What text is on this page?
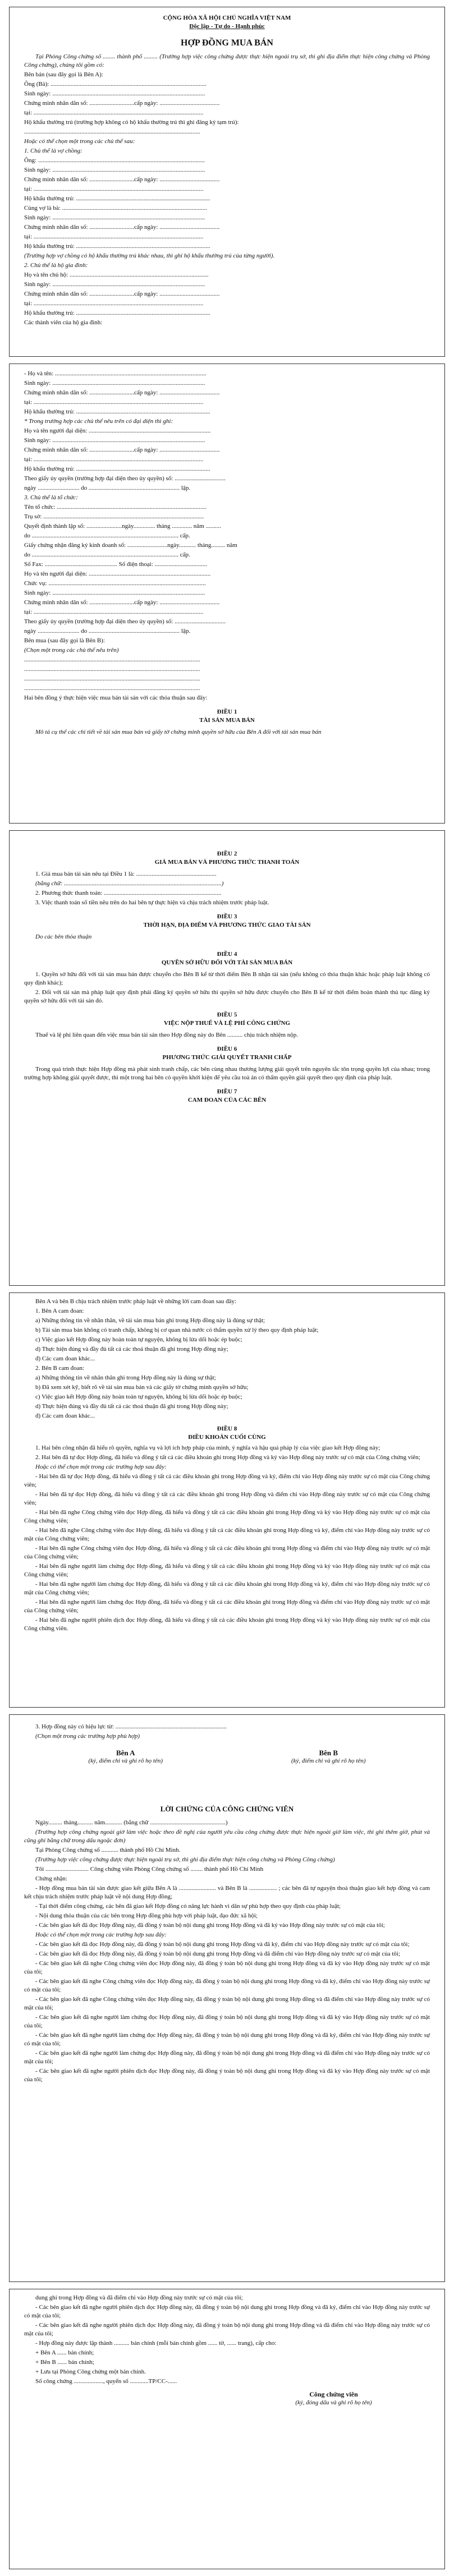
CỘNG HÒA XÃ HỘI CHỦ NGHĨA VIỆT NAM
Độc lập - Tự do - Hạnh phúc
HỢP ĐỒNG MUA BÁN
Tại Phòng Công chứng số ........ thành phố ......... (Trường hợp việc công chứng được thực hiện ngoài trụ sở, thì ghi địa điểm thực hiện công chứng và Phòng Công chứng), chúng tôi gồm có:
Bên bán (sau đây gọi là Bên A):
Ông (Bà): .....................................................................................................
Sinh ngày: ...................................................................................................
Chứng minh nhân dân số: .............................cấp ngày: .......................................
tại: ..............................................................................................................
Hộ khẩu thường trú (trường hợp không có hộ khẩu thường trú thì ghi đăng ký tạm trú):
..................................................................................................................
Hoặc có thể chọn một trong các chủ thể sau:
1. Chủ thể là vợ chồng:
Ông: ............................................................................................................
Sinh ngày: ...................................................................................................
Chứng minh nhân dân số: .............................cấp ngày: .......................................
tại: ..............................................................................................................
Hộ khẩu thường trú: .......................................................................................
Cùng vợ là bà: ..............................................................................................
Sinh ngày: ...................................................................................................
Chứng minh nhân dân số: .............................cấp ngày: .......................................
tại: ..............................................................................................................
Hộ khẩu thường trú: .......................................................................................
(Trường hợp vợ chồng có hộ khẩu thường trú khác nhau, thì ghi hộ khẩu thường trú của từng người).
2. Chủ thể là hộ gia đình:
Họ và tên chủ hộ: ..........................................................................................
Sinh ngày: ...................................................................................................
Chứng minh nhân dân số: .............................cấp ngày: .......................................
tại: ..............................................................................................................
Hộ khẩu thường trú: .......................................................................................
Các thành viên của hộ gia đình:
- Họ và tên: ..................................................................................................
Sinh ngày: ...................................................................................................
Chứng minh nhân dân số: .............................cấp ngày: .......................................
tại: ..............................................................................................................
Hộ khẩu thường trú: .......................................................................................
* Trong trường hợp các chủ thể nêu trên có đại diện thì ghi:
Họ và tên người đại diện: ...............................................................................
Sinh ngày: ...................................................................................................
Chứng minh nhân dân số: .............................cấp ngày: .......................................
tại: ..............................................................................................................
Hộ khẩu thường trú: .......................................................................................
Theo giấy ủy quyền (trường hợp đại diện theo ủy quyền) số: .................................
ngày ........................... do ........................................................... lập.
3. Chủ thể là tổ chức:
Tên tổ chức: .................................................................................................
Trụ sở: ........................................................................................................
Quyết định thành lập số: .......................ngày.............. tháng ............. năm ..........
do ............................................................................................... cấp.
Giấy chứng nhận đăng ký kinh doanh số: ..........................ngày........... tháng......... năm
do ............................................................................................... cấp.
Số Fax: ............................................... Số điện thoại: ..................................
Họ và tên người đại diện: ...............................................................................
Chức vụ: ......................................................................................................
Sinh ngày: ...................................................................................................
Chứng minh nhân dân số: .............................cấp ngày: .......................................
tại: ..............................................................................................................
Theo giấy ủy quyền (trường hợp đại diện theo ủy quyền) số: .................................
ngày ........................... do ........................................................... lập.
Bên mua (sau đây gọi là Bên B):
(Chọn một trong các chủ thể nêu trên)
..................................................................................................................
..................................................................................................................
..................................................................................................................
..................................................................................................................
Hai bên đồng ý thực hiện việc mua bán tài sản với các thỏa thuận sau đây:
ĐIỀU 1
TÀI SẢN MUA BÁN
Mô tả cụ thể các chi tiết về tài sản mua bán và giấy tờ chứng minh quyền sở hữu của Bên A đối với tài sản mua bán
ĐIỀU 2
GIÁ MUA BÁN VÀ PHƯƠNG THỨC THANH TOÁN
1. Giá mua bán tài sản nêu tại Điều 1 là: ....................................................
(bằng chữ: ......................................................................................................)
2. Phương thức thanh toán: ............................................................................
3. Việc thanh toán số tiền nêu trên do hai bên tự thực hiện và chịu trách nhiệm trước pháp luật.
ĐIỀU 3
THỜI HẠN, ĐỊA ĐIỂM VÀ PHƯƠNG THỨC GIAO TÀI SẢN
Do các bên thỏa thuận
ĐIỀU 4
QUYỀN SỞ HỮU ĐỐI VỚI TÀI SẢN MUA BÁN
1. Quyền sở hữu đối với tài sản mua bán được chuyển cho Bên B kể từ thời điểm Bên B nhận tài sản (nếu không có thỏa thuận khác hoặc pháp luật không có quy định khác);
2. Đối với tài sản mà pháp luật quy định phải đăng ký quyền sở hữu thì quyền sở hữu được chuyển cho Bên B kể từ thời điểm hoàn thành thủ tục đăng ký quyền sở hữu đối với tài sản đó.
ĐIỀU 5
VIỆC NỘP THUẾ VÀ LỆ PHÍ CÔNG CHỨNG
Thuế và lệ phí liên quan đến việc mua bán tài sản theo Hợp đồng này do Bên .......... chịu trách nhiệm nộp.
ĐIỀU 6
PHƯƠNG THỨC GIẢI QUYẾT TRANH CHẤP
Trong quá trình thực hiện Hợp đồng mà phát sinh tranh chấp, các bên cùng nhau thương lượng giải quyết trên nguyên tắc tôn trọng quyền lợi của nhau; trong trường hợp không giải quyết được, thì một trong hai bên có quyền khởi kiện để yêu cầu toà án có thẩm quyền giải quyết theo quy định của pháp luật.
ĐIỀU 7
CAM ĐOAN CỦA CÁC BÊN
Bên A và bên B chịu trách nhiệm trước pháp luật về những lời cam đoan sau đây:
1. Bên A cam đoan:
a) Những thông tin về nhân thân, về tài sản mua bán ghi trong Hợp đồng này là đúng sự thật;
b) Tài sản mua bán không có tranh chấp, không bị cơ quan nhà nước có thẩm quyền xử lý theo quy định pháp luật;
c) Việc giao kết Hợp đồng này hoàn toàn tự nguyện, không bị lừa dối hoặc ép buộc;
d) Thực hiện đúng và đầy đủ tất cả các thoả thuận đã ghi trong Hợp đồng này;
đ) Các cam đoan khác...
2. Bên B cam đoan:
a) Những thông tin về nhân thân ghi trong Hợp đồng này là đúng sự thật;
b) Đã xem xét kỹ, biết rõ về tài sản mua bán và các giấy tờ chứng minh quyền sở hữu;
c) Việc giao kết Hợp đồng này hoàn toàn tự nguyện, không bị lừa dối hoặc ép buộc;
d) Thực hiện đúng và đầy đủ tất cả các thoả thuận đã ghi trong Hợp đồng này;
đ) Các cam đoan khác...
ĐIỀU 8
ĐIỀU KHOẢN CUỐI CÙNG
1. Hai bên công nhận đã hiểu rõ quyền, nghĩa vụ và lợi ích hợp pháp của mình, ý nghĩa và hậu quả pháp lý của việc giao kết Hợp đồng này;
2. Hai bên đã tự đọc Hợp đồng, đã hiểu và đồng ý tất cả các điều khoản ghi trong Hợp đồng và ký vào Hợp đồng này trước sự có mặt của Công chứng viên;
Hoặc có thể chọn một trong các trường hợp sau đây:
- Hai bên đã tự đọc Hợp đồng, đã hiểu và đồng ý tất cả các điều khoản ghi trong Hợp đồng và ký, điểm chỉ vào Hợp đồng này trước sự có mặt của Công chứng viên;
- Hai bên đã tự đọc Hợp đồng, đã hiểu và đồng ý tất cả các điều khoản ghi trong Hợp đồng và điểm chỉ vào Hợp đồng này trước sự có mặt của Công chứng viên;
- Hai bên đã nghe Công chứng viên đọc Hợp đồng, đã hiểu và đồng ý tất cả các điều khoản ghi trong Hợp đồng và ký vào Hợp đồng này trước sự có mặt của Công chứng viên;
- Hai bên đã nghe Công chứng viên đọc Hợp đồng, đã hiểu và đồng ý tất cả các điều khoản ghi trong Hợp đồng và ký, điểm chỉ vào Hợp đồng này trước sự có mặt của Công chứng viên;
- Hai bên đã nghe Công chứng viên đọc Hợp đồng, đã hiểu và đồng ý tất cả các điều khoản ghi trong Hợp đồng và điểm chỉ vào Hợp đồng này trước sự có mặt của Công chứng viên;
- Hai bên đã nghe người làm chứng đọc Hợp đồng, đã hiểu và đồng ý tất cả các điều khoản ghi trong Hợp đồng và ký vào Hợp đồng này trước sự có mặt của Công chứng viên;
- Hai bên đã nghe người làm chứng đọc Hợp đồng, đã hiểu và đồng ý tất cả các điều khoản ghi trong Hợp đồng và ký, điểm chỉ vào Hợp đồng này trước sự có mặt của Công chứng viên;
- Hai bên đã nghe người làm chứng đọc Hợp đồng, đã hiểu và đồng ý tất cả các điều khoản ghi trong Hợp đồng và điểm chỉ vào Hợp đồng này trước sự có mặt của Công chứng viên;
- Hai bên đã nghe người phiên dịch đọc Hợp đồng, đã hiểu và đồng ý tất cả các điều khoản ghi trong Hợp đồng và ký vào Hợp đồng này trước sự có mặt của Công chứng viên.
3. Hợp đồng này có hiệu lực từ: ........................................................................
(Chọn một trong các trường hợp phù hợp)
Bên A
(ký, điểm chỉ và ghi rõ họ tên)
Bên B
(ký, điểm chỉ và ghi rõ họ tên)
LỜI CHỨNG CỦA CÔNG CHỨNG VIÊN
Ngày......... tháng.......... năm........... (bằng chữ .................................................)
(Trường hợp công chứng ngoài giờ làm việc hoặc theo đề nghị của người yêu cầu công chứng được thực hiện ngoài giờ làm việc, thì ghi thêm giờ, phút và cũng ghi bằng chữ trong dấu ngoặc đơn)
Tại Phòng Công chứng số ........... thành phố Hồ Chí Minh.
(Trường hợp việc công chứng được thực hiện ngoài trụ sở, thì ghi địa điểm thực hiện công chứng và Phòng Công chứng)
Tôi ............................ Công chứng viên Phòng Công chứng số ........ thành phố Hồ Chí Minh
Chứng nhận:
- Hợp đồng mua bán tài sản được giao kết giữa Bên A là ........................ và Bên B là .................. ; các bên đã tự nguyện thoả thuận giao kết hợp đồng và cam kết chịu trách nhiệm trước pháp luật về nội dung Hợp đồng;
- Tại thời điểm công chứng, các bên đã giao kết Hợp đồng có năng lực hành vi dân sự phù hợp theo quy định của pháp luật;
- Nội dung thỏa thuận của các bên trong Hợp đồng phù hợp với pháp luật, đạo đức xã hội;
- Các bên giao kết đã đọc Hợp đồng này, đã đồng ý toàn bộ nội dung ghi trong Hợp đồng và đã ký vào Hợp đồng này trước sự có mặt của tôi;
Hoặc có thể chọn một trong các trường hợp sau đây:
- Các bên giao kết đã đọc Hợp đồng này, đã đồng ý toàn bộ nội dung ghi trong Hợp đồng và đã ký, điểm chỉ vào Hợp đồng này trước sự có mặt của tôi;
- Các bên giao kết đã đọc Hợp đồng này, đã đồng ý toàn bộ nội dung ghi trong Hợp đồng và đã điểm chỉ vào Hợp đồng này trước sự có mặt của tôi;
- Các bên giao kết đã nghe Công chứng viên đọc Hợp đồng này, đã đồng ý toàn bộ nội dung ghi trong Hợp đồng và đã ký vào Hợp đồng này trước sự có mặt của tôi;
- Các bên giao kết đã nghe Công chứng viên đọc Hợp đồng này, đã đồng ý toàn bộ nội dung ghi trong Hợp đồng và đã ký, điểm chỉ vào Hợp đồng này trước sự có mặt của tôi;
- Các bên giao kết đã nghe Công chứng viên đọc Hợp đồng này, đã đồng ý toàn bộ nội dung ghi trong Hợp đồng và đã điểm chỉ vào Hợp đồng này trước sự có mặt của tôi;
- Các bên giao kết đã nghe người làm chứng đọc Hợp đồng này, đã đồng ý toàn bộ nội dung ghi trong Hợp đồng và đã ký vào Hợp đồng này trước sự có mặt của tôi;
- Các bên giao kết đã nghe người làm chứng đọc Hợp đồng này, đã đồng ý toàn bộ nội dung ghi trong Hợp đồng và đã ký, điểm chỉ vào Hợp đồng này trước sự có mặt của tôi;
- Các bên giao kết đã nghe người làm chứng đọc Hợp đồng này, đã đồng ý toàn bộ nội dung ghi trong Hợp đồng và đã điểm chỉ vào Hợp đồng này trước sự có mặt của tôi;
- Các bên giao kết đã nghe người phiên dịch đọc Hợp đồng này, đã đồng ý toàn bộ nội dung ghi trong Hợp đồng và đã ký vào Hợp đồng này trước sự có mặt của tôi;
dung ghi trong Hợp đồng và đã điểm chỉ vào Hợp đồng này trước sự có mặt của tôi;
- Các bên giao kết đã nghe người phiên dịch đọc Hợp đồng này, đã đồng ý toàn bộ nội dung ghi trong Hợp đồng và đã ký, điểm chỉ vào Hợp đồng này trước sự có mặt của tôi;
- Các bên giao kết đã nghe người phiên dịch đọc Hợp đồng này, đã đồng ý toàn bộ nội dung ghi trong Hợp đồng và đã điểm chỉ vào Hợp đồng này trước sự có mặt của tôi;
- Hợp đồng này được lập thành .......... bản chính (mỗi bản chính gồm ...... tờ, ...... trang), cấp cho:
+ Bên A ...... bản chính;
+ Bên B ...... bản chính;
+ Lưu tại Phòng Công chứng một bản chính.
Số công chứng ..................., quyển số ............TP/CC-......
Công chứng viên
(ký, đóng dấu và ghi rõ họ tên)
